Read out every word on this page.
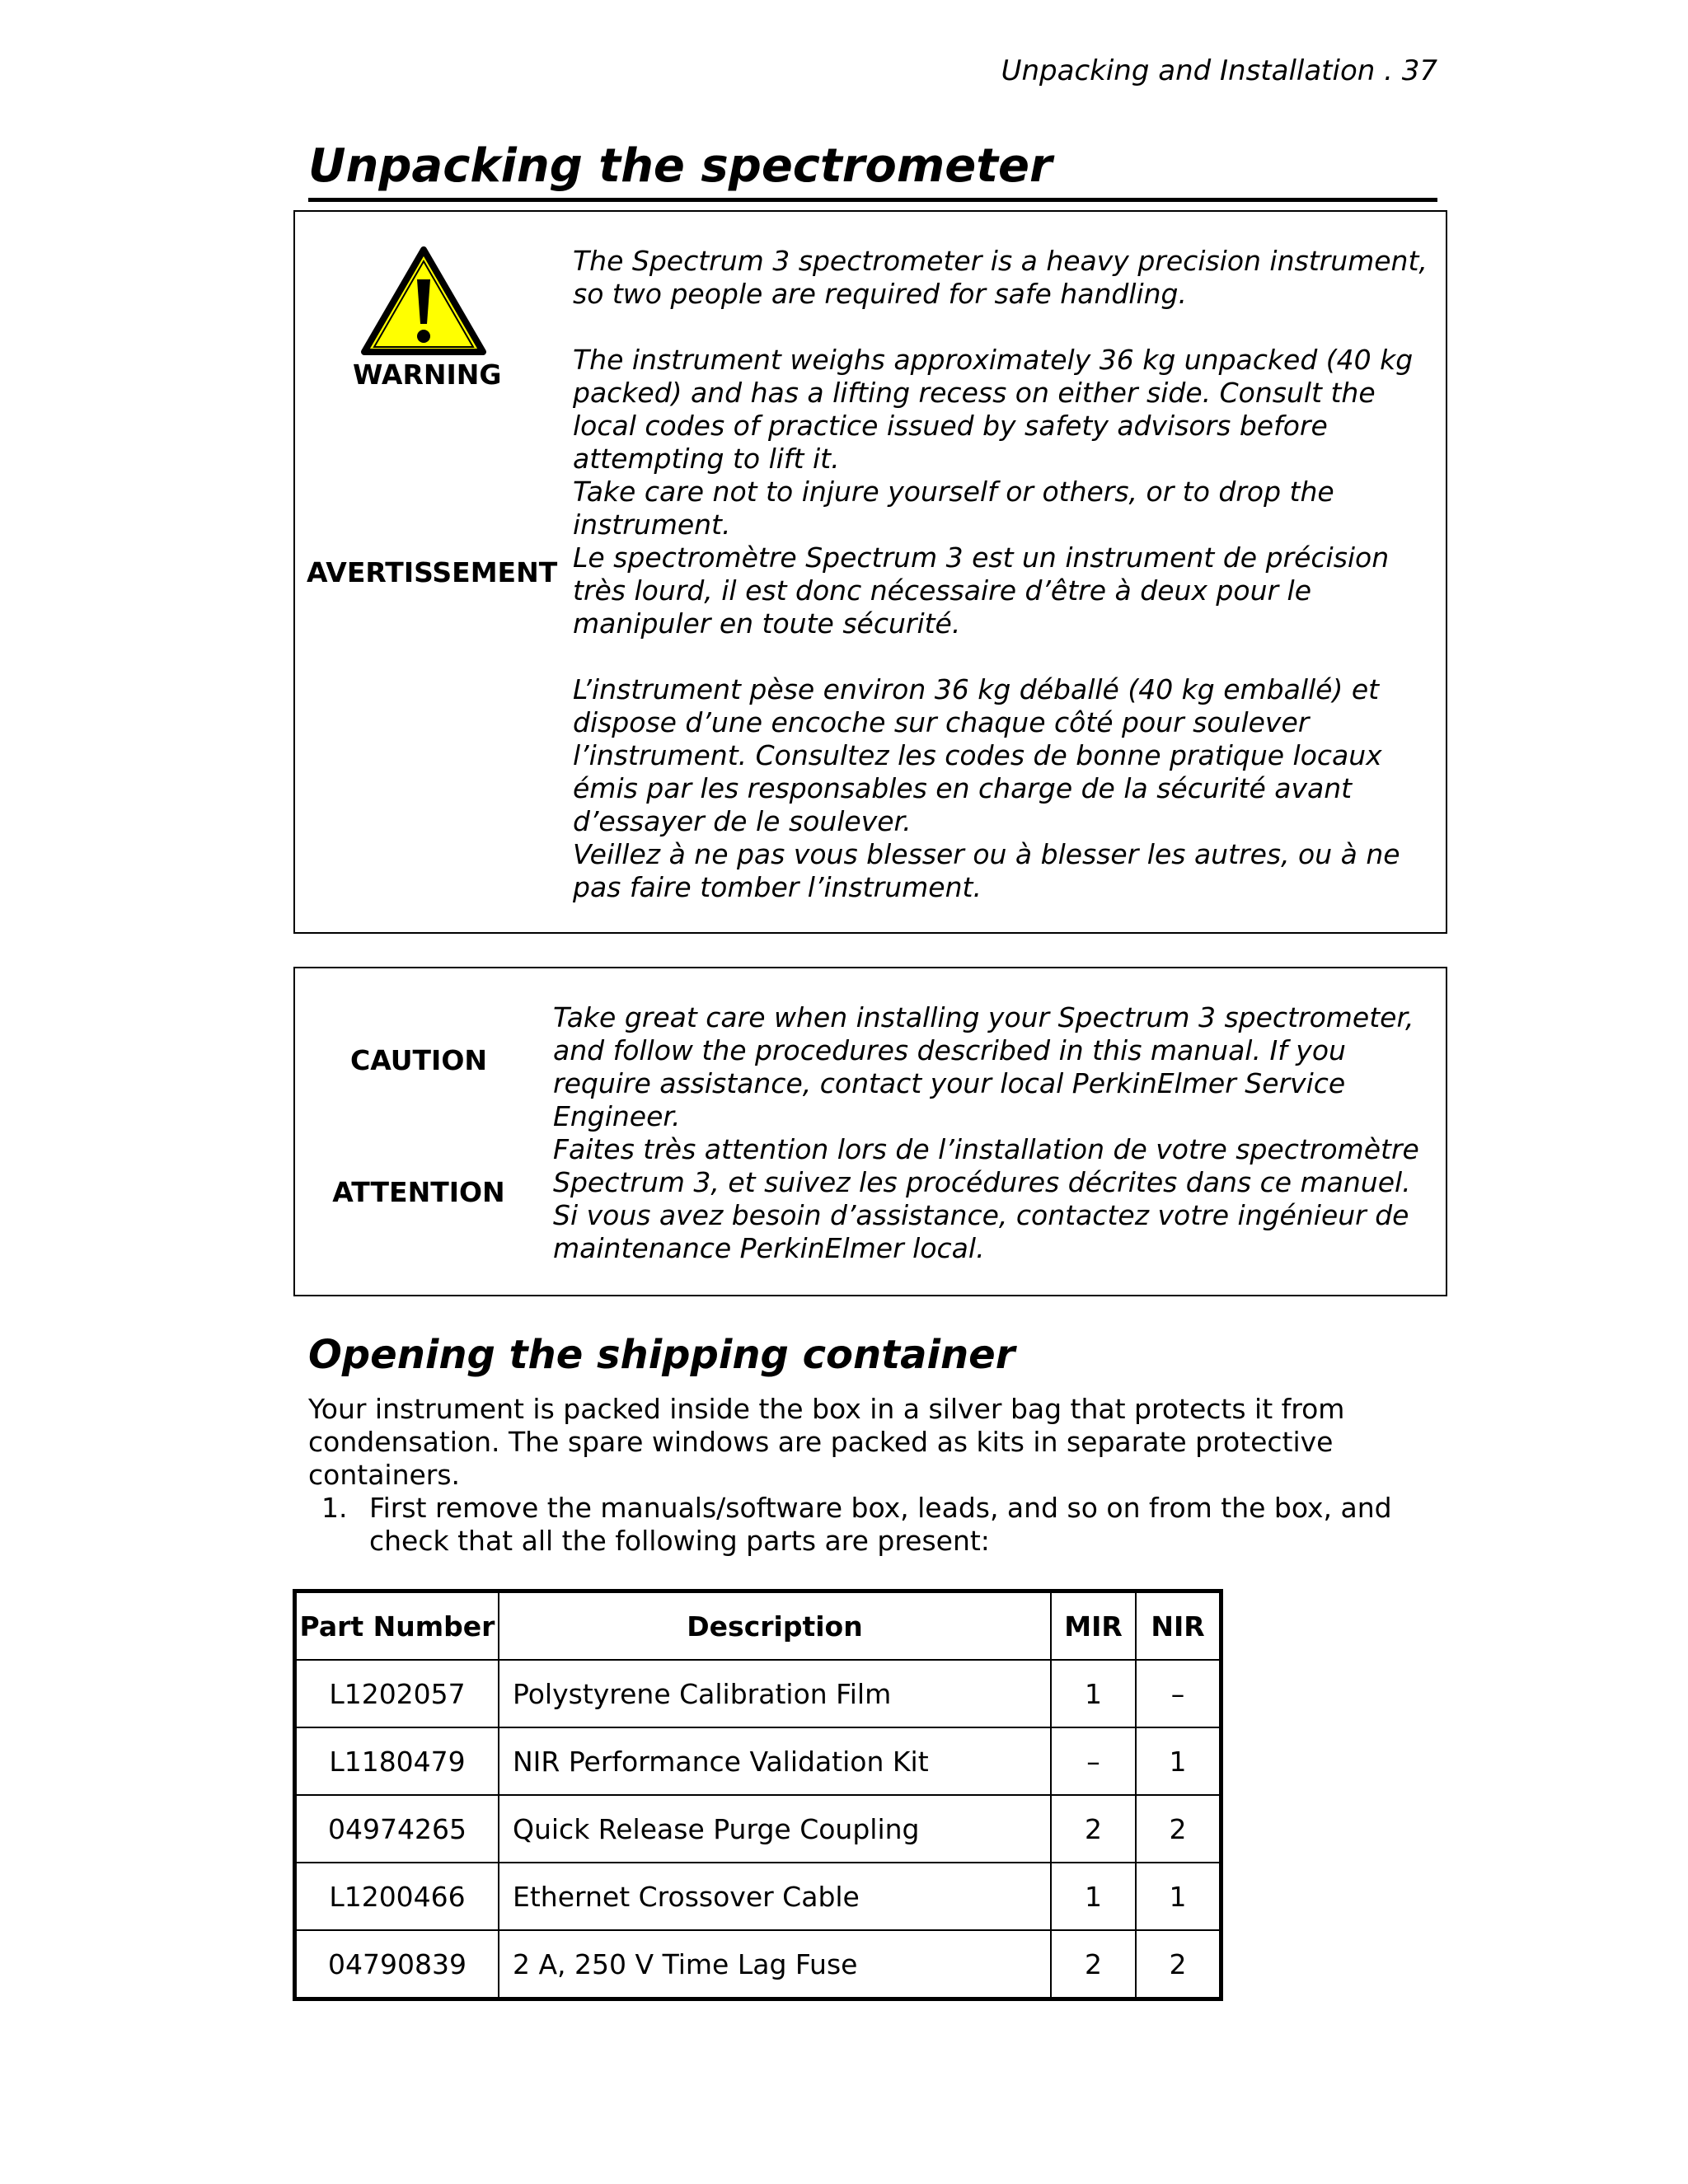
Unpacking and Installation . 37
Unpacking the spectrometer
WARNING
AVERTISSEMENT

The Spectrum 3 spectrometer is a heavy precision instrument, so two people are required for safe handling.

The instrument weighs approximately 36 kg unpacked (40 kg packed) and has a lifting recess on either side. Consult the local codes of practice issued by safety advisors before attempting to lift it.

Take care not to injure yourself or others, or to drop the instrument.

Le spectromètre Spectrum 3 est un instrument de précision très lourd, il est donc nécessaire d’être à deux pour le manipuler en toute sécurité.

L’instrument pèse environ 36 kg déballé (40 kg emballé) et dispose d’une encoche sur chaque côté pour soulever l’instrument. Consultez les codes de bonne pratique locaux émis par les responsables en charge de la sécurité avant d’essayer de le soulever.

Veillez à ne pas vous blesser ou à blesser les autres, ou à ne pas faire tomber l’instrument.

CAUTION
ATTENTION

Take great care when installing your Spectrum 3 spectrometer, and follow the procedures described in this manual. If you require assistance, contact your local PerkinElmer Service Engineer.

Faites très attention lors de l’installation de votre spectromètre Spectrum 3, et suivez les procédures décrites dans ce manuel. Si vous avez besoin d’assistance, contactez votre ingénieur de maintenance PerkinElmer local.

Opening the shipping container

Your instrument is packed inside the box in a silver bag that protects it from condensation. The spare windows are packed as kits in separate protective containers.

1. First remove the manuals/software box, leads, and so on from the box, and check that all the following parts are present:
Part Number	Description	MIR	NIR
L1202057	Polystyrene Calibration Film	1	–
L1180479	NIR Performance Validation Kit	–	1
04974265	Quick Release Purge Coupling	2	2
L1200466	Ethernet Crossover Cable	1	1
04790839	2 A, 250 V Time Lag Fuse	2	2
